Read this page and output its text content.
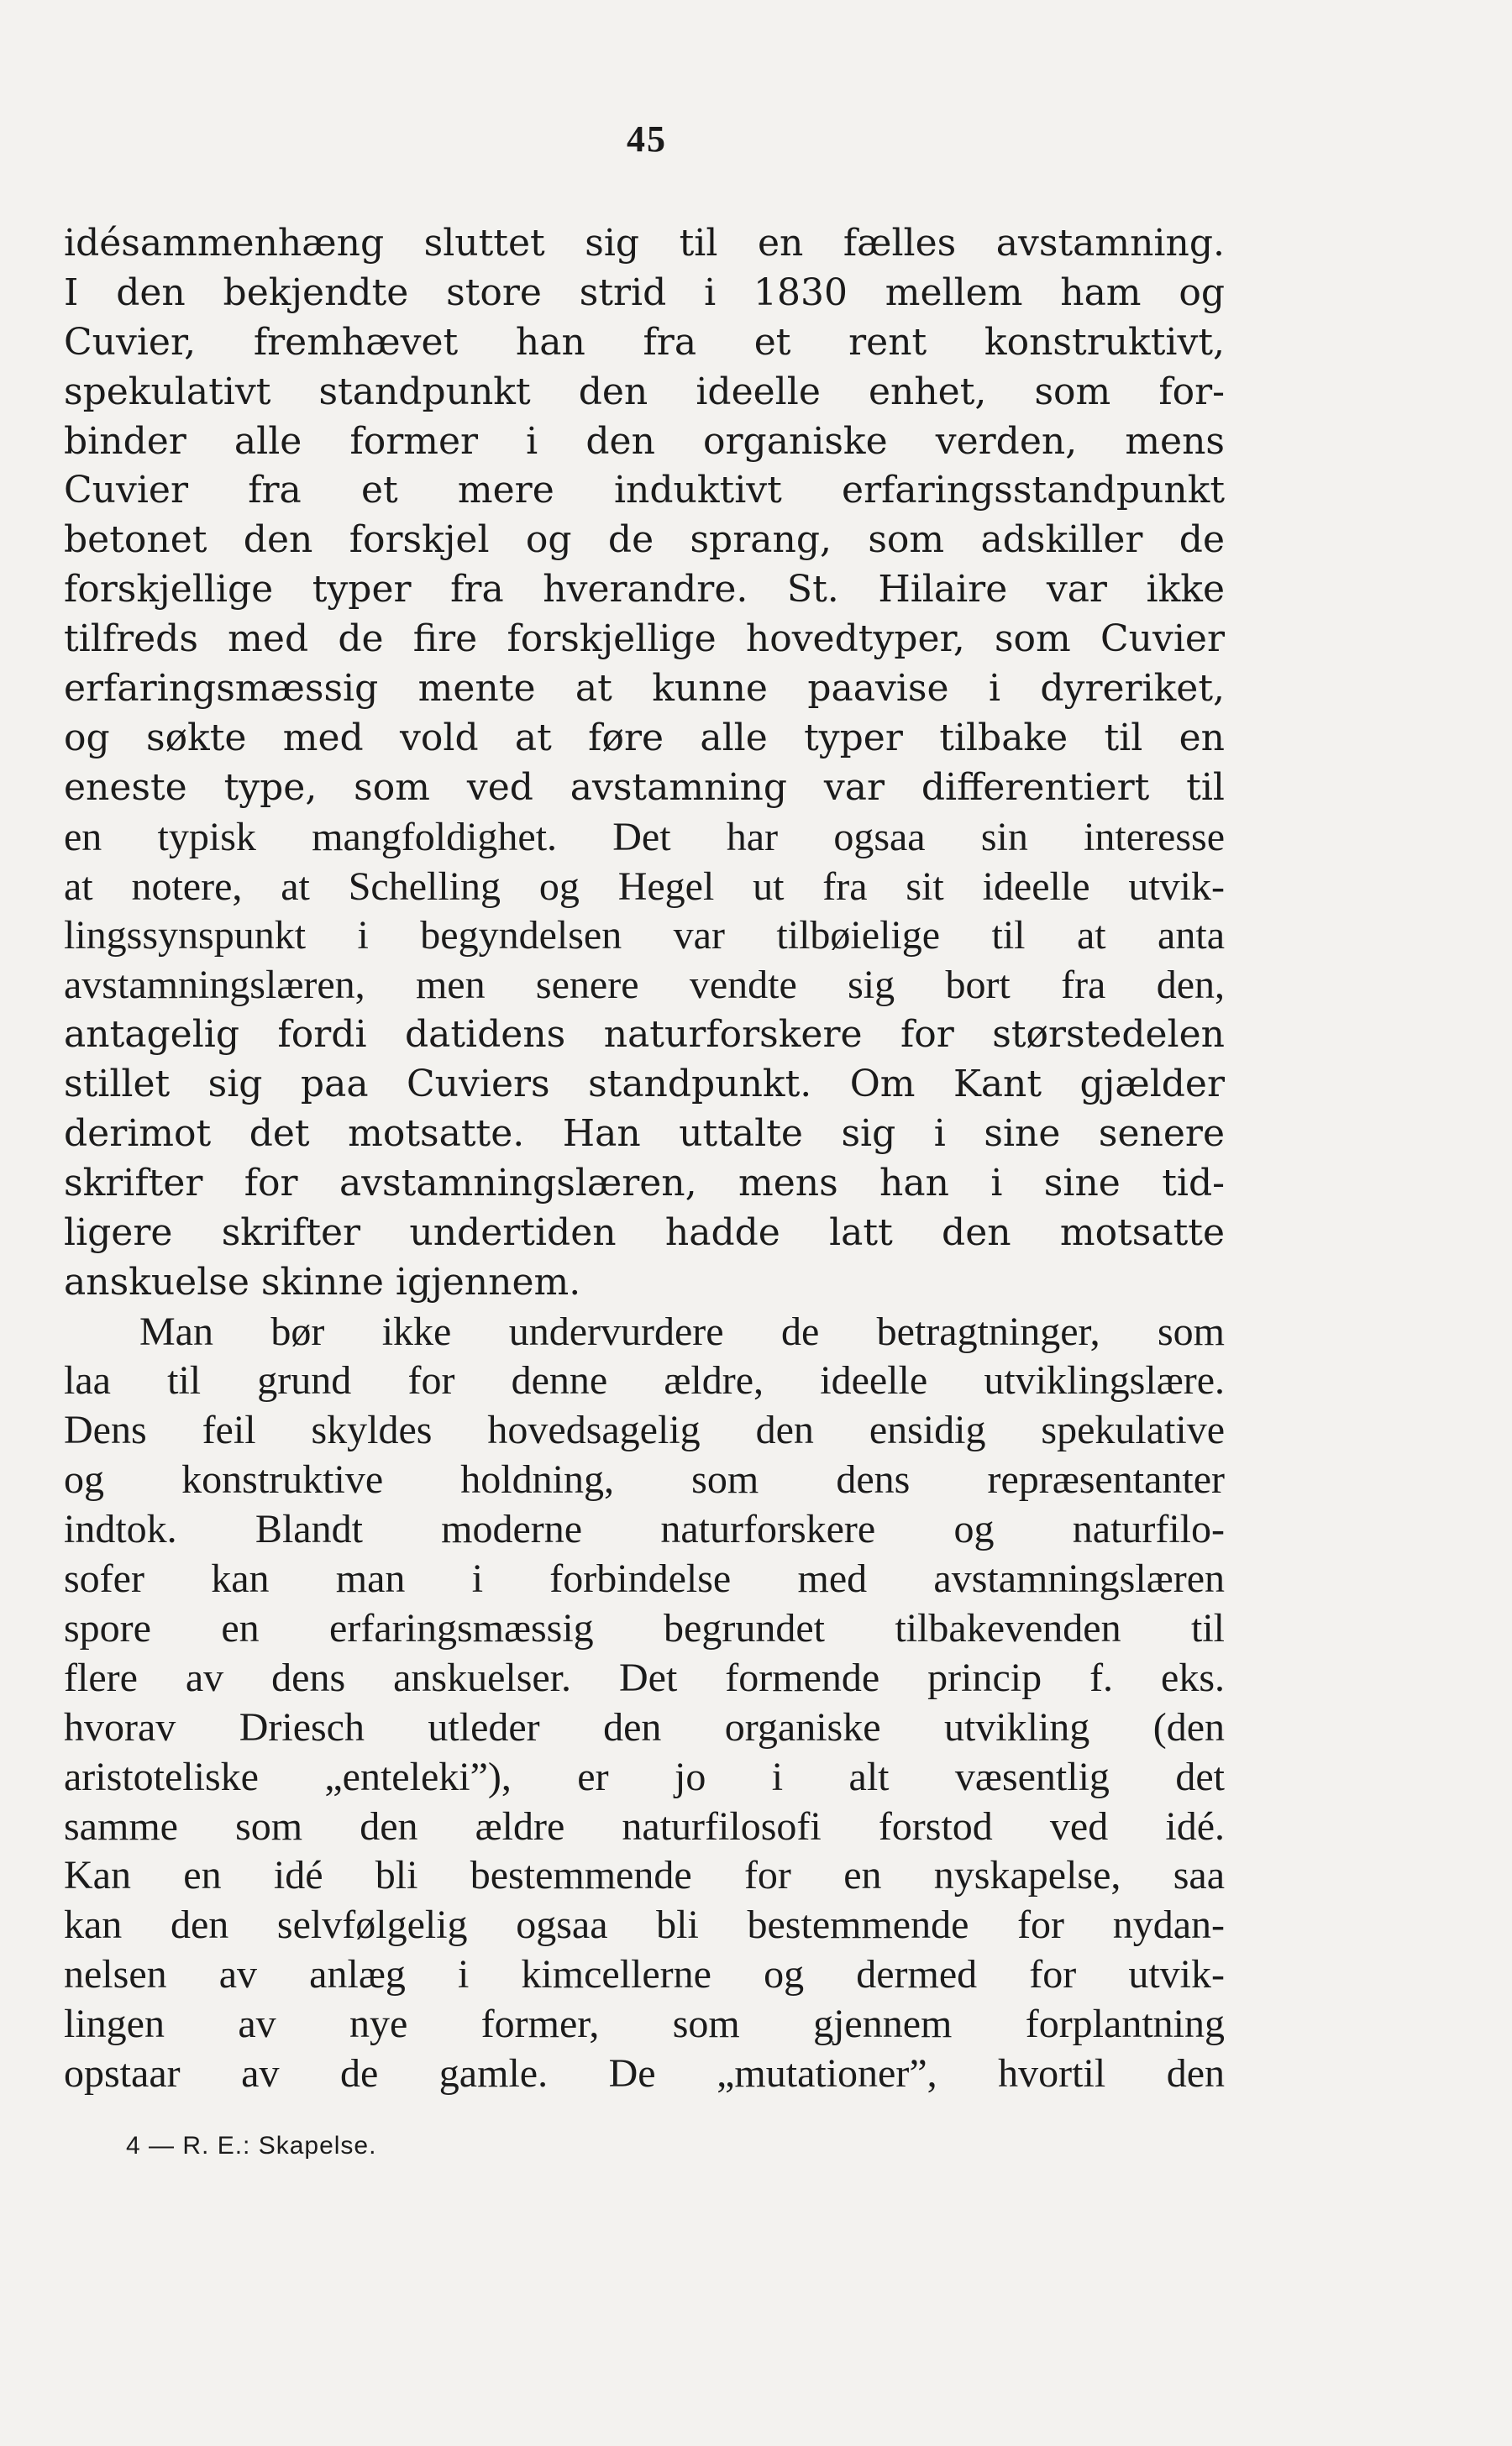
45
idésammenhæng sluttet sig til en fælles avstamning.
I den bekjendte store strid i 1830 mellem ham og
Cuvier, fremhævet han fra et rent konstruktivt,
spekulativt standpunkt den ideelle enhet, som for-
binder alle former i den organiske verden, mens
Cuvier fra et mere induktivt erfaringsstandpunkt
betonet den forskjel og de sprang, som adskiller de
forskjellige typer fra hverandre. St. Hilaire var ikke
tilfreds med de fire forskjellige hovedtyper, som Cuvier
erfaringsmæssig mente at kunne paavise i dyreriket,
og søkte med vold at føre alle typer tilbake til en
eneste type, som ved avstamning var differentiert til
en typisk mangfoldighet. Det har ogsaa sin interesse
at notere, at Schelling og Hegel ut fra sit ideelle utvik-
lingssynspunkt i begyndelsen var tilbøielige til at anta
avstamningslæren, men senere vendte sig bort fra den,
antagelig fordi datidens naturforskere for størstedelen
stillet sig paa Cuviers standpunkt. Om Kant gjælder
derimot det motsatte. Han uttalte sig i sine senere
skrifter for avstamningslæren, mens han i sine tid-
ligere skrifter undertiden hadde latt den motsatte
anskuelse skinne igjennem.
Man bør ikke undervurdere de betragtninger, som
laa til grund for denne ældre, ideelle utviklingslære.
Dens feil skyldes hovedsagelig den ensidig spekulative
og konstruktive holdning, som dens repræsentanter
indtok. Blandt moderne naturforskere og naturfilo-
sofer kan man i forbindelse med avstamningslæren
spore en erfaringsmæssig begrundet tilbakevenden til
flere av dens anskuelser. Det formende princip f. eks.
hvorav Driesch utleder den organiske utvikling (den
aristoteliske „enteleki”), er jo i alt væsentlig det
samme som den ældre naturfilosofi forstod ved idé.
Kan en idé bli bestemmende for en nyskapelse, saa
kan den selvfølgelig ogsaa bli bestemmende for nydan-
nelsen av anlæg i kimcellerne og dermed for utvik-
lingen av nye former, som gjennem forplantning
opstaar av de gamle. De „mutationer”, hvortil den
4 — R. E.: Skapelse.
